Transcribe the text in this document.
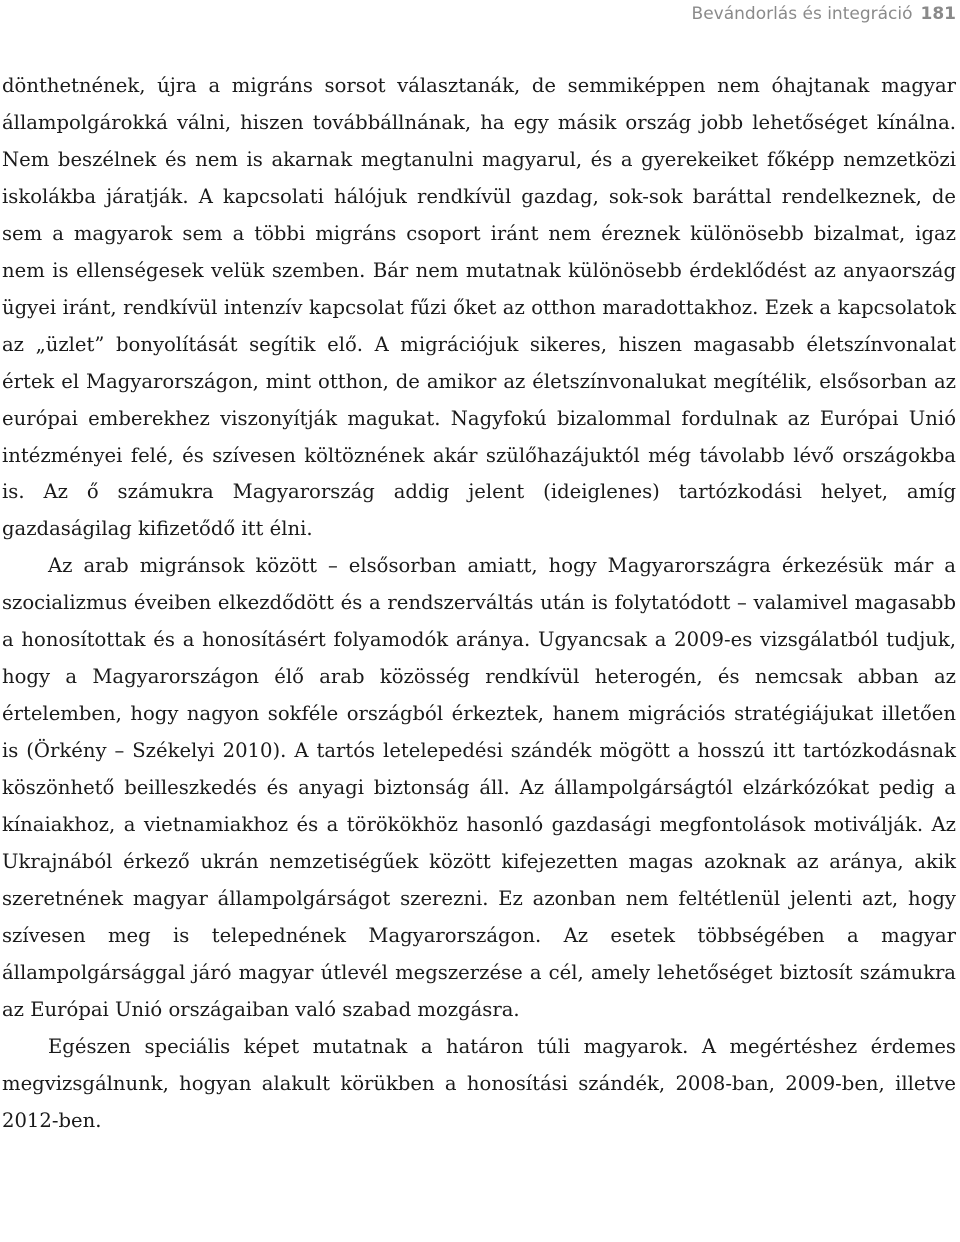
Bevándorlás és integráció 181

dönthetnének, újra a migráns sorsot választanák, de semmiképpen nem óhajtanak magyar állampolgárokká válni, hiszen továbbállnának, ha egy másik ország jobb lehetőséget kínálna. Nem beszélnek és nem is akarnak megtanulni magyarul, és a gyerekeiket főképp nemzetközi iskolákba járatják. A kapcsolati hálójuk rendkívül gazdag, sok-sok baráttal rendelkeznek, de sem a magyarok sem a többi migráns csoport iránt nem éreznek különösebb bizalmat, igaz nem is ellenségesek velük szemben. Bár nem mutatnak különösebb érdeklődést az anyaország ügyei iránt, rendkívül intenzív kapcsolat fűzi őket az otthon maradottakhoz. Ezek a kapcsolatok az „üzlet” bonyolítását segítik elő. A migrációjuk sikeres, hiszen magasabb életszínvonalat értek el Magyarországon, mint otthon, de amikor az életszínvonalukat megítélik, elsősorban az európai emberekhez viszonyítják magukat. Nagyfokú bizalommal fordulnak az Európai Unió intézményei felé, és szívesen költöznének akár szülőhazájuktól még távolabb lévő országokba is. Az ő számukra Magyarország addig jelent (ideiglenes) tartózkodási helyet, amíg gazdaságilag kifizetődő itt élni.

Az arab migránsok között – elsősorban amiatt, hogy Magyarországra érkezésük már a szocializmus éveiben elkezdődött és a rendszerváltás után is folytatódott – valamivel magasabb a honosítottak és a honosításért folyamodók aránya. Ugyancsak a 2009-es vizsgálatból tudjuk, hogy a Magyarországon élő arab közösség rendkívül heterogén, és nemcsak abban az értelemben, hogy nagyon sokféle országból érkeztek, hanem migrációs stratégiájukat illetően is (Örkény – Székelyi 2010). A tartós letelepedési szándék mögött a hosszú itt tartózkodásnak köszönhető beilleszkedés és anyagi biztonság áll. Az állampolgárságtól elzárkózókat pedig a kínaiakhoz, a vietnamiakhoz és a törökökhöz hasonló gazdasági megfontolások motiválják. Az Ukrajnából érkező ukrán nemzetiségűek között kifejezetten magas azoknak az aránya, akik szeretnének magyar állampolgárságot szerezni. Ez azonban nem feltétlenül jelenti azt, hogy szívesen meg is telepednének Magyarországon. Az esetek többségében a magyar állampolgársággal járó magyar útlevél megszerzése a cél, amely lehetőséget biztosít számukra az Európai Unió országaiban való szabad mozgásra.

Egészen speciális képet mutatnak a határon túli magyarok. A megértéshez érdemes megvizsgálnunk, hogyan alakult körükben a honosítási szándék, 2008-ban, 2009-ben, illetve 2012-ben.
